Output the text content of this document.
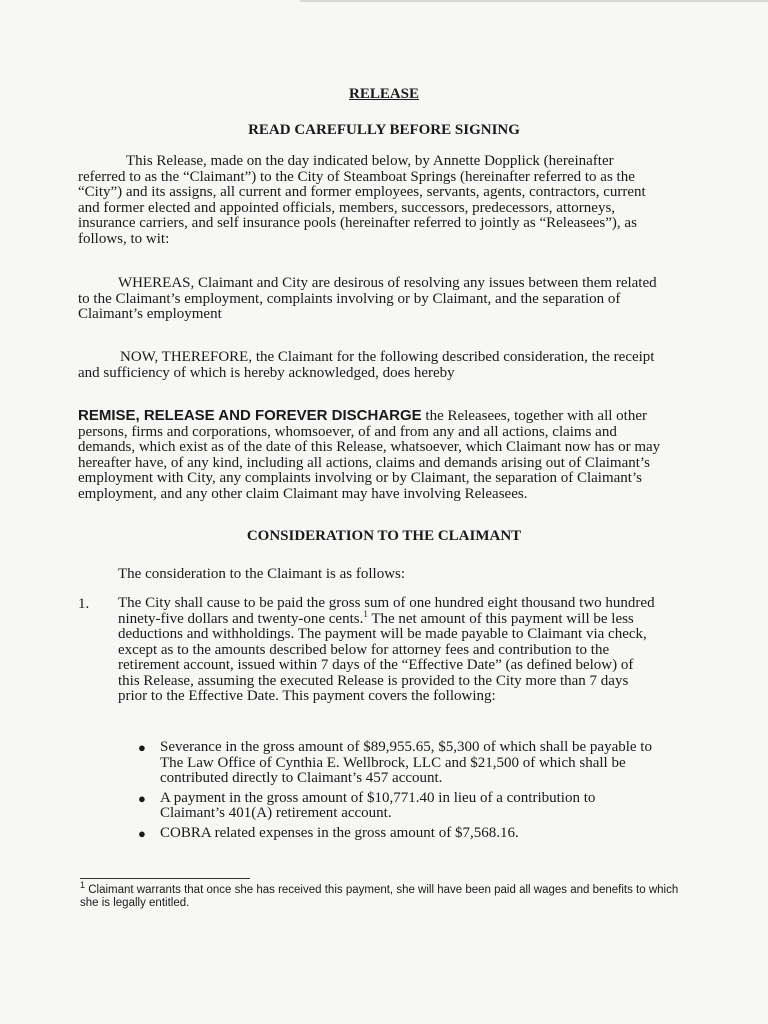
RELEASE
READ CAREFULLY BEFORE SIGNING
This Release, made on the day indicated below, by Annette Dopplick (hereinafter
referred to as the “Claimant”) to the City of Steamboat Springs (hereinafter referred to as the
“City”) and its assigns, all current and former employees, servants, agents, contractors, current
and former elected and appointed officials, members, successors, predecessors, attorneys,
insurance carriers, and self insurance pools (hereinafter referred to jointly as “Releasees”), as
follows, to wit:
WHEREAS, Claimant and City are desirous of resolving any issues between them related
to the Claimant’s employment, complaints involving or by Claimant, and the separation of
Claimant’s employment
NOW, THEREFORE, the Claimant for the following described consideration, the receipt
and sufficiency of which is hereby acknowledged, does hereby
REMISE, RELEASE AND FOREVER DISCHARGE the Releasees, together with all other
persons, firms and corporations, whomsoever, of and from any and all actions, claims and
demands, which exist as of the date of this Release, whatsoever, which Claimant now has or may
hereafter have, of any kind, including all actions, claims and demands arising out of Claimant’s
employment with City, any complaints involving or by Claimant, the separation of Claimant’s
employment, and any other claim Claimant may have involving Releasees.
CONSIDERATION TO THE CLAIMANT
The consideration to the Claimant is as follows:
1. The City shall cause to be paid the gross sum of one hundred eight thousand two hundred
ninety-five dollars and twenty-one cents.$^1$ The net amount of this payment will be less
deductions and withholdings. The payment will be made payable to Claimant via check,
except as to the amounts described below for attorney fees and contribution to the
retirement account, issued within 7 days of the “Effective Date” (as defined below) of
this Release, assuming the executed Release is provided to the City more than 7 days
prior to the Effective Date. This payment covers the following:
● Severance in the gross amount of $89,955.65, $5,300 of which shall be payable to
The Law Office of Cynthia E. Wellbrock, LLC and $21,500 of which shall be
contributed directly to Claimant’s 457 account.
● A payment in the gross amount of $10,771.40 in lieu of a contribution to
Claimant’s 401(A) retirement account.
● COBRA related expenses in the gross amount of $7,568.16.
$^1$ Claimant warrants that once she has received this payment, she will have been paid all wages and benefits to which
she is legally entitled.
